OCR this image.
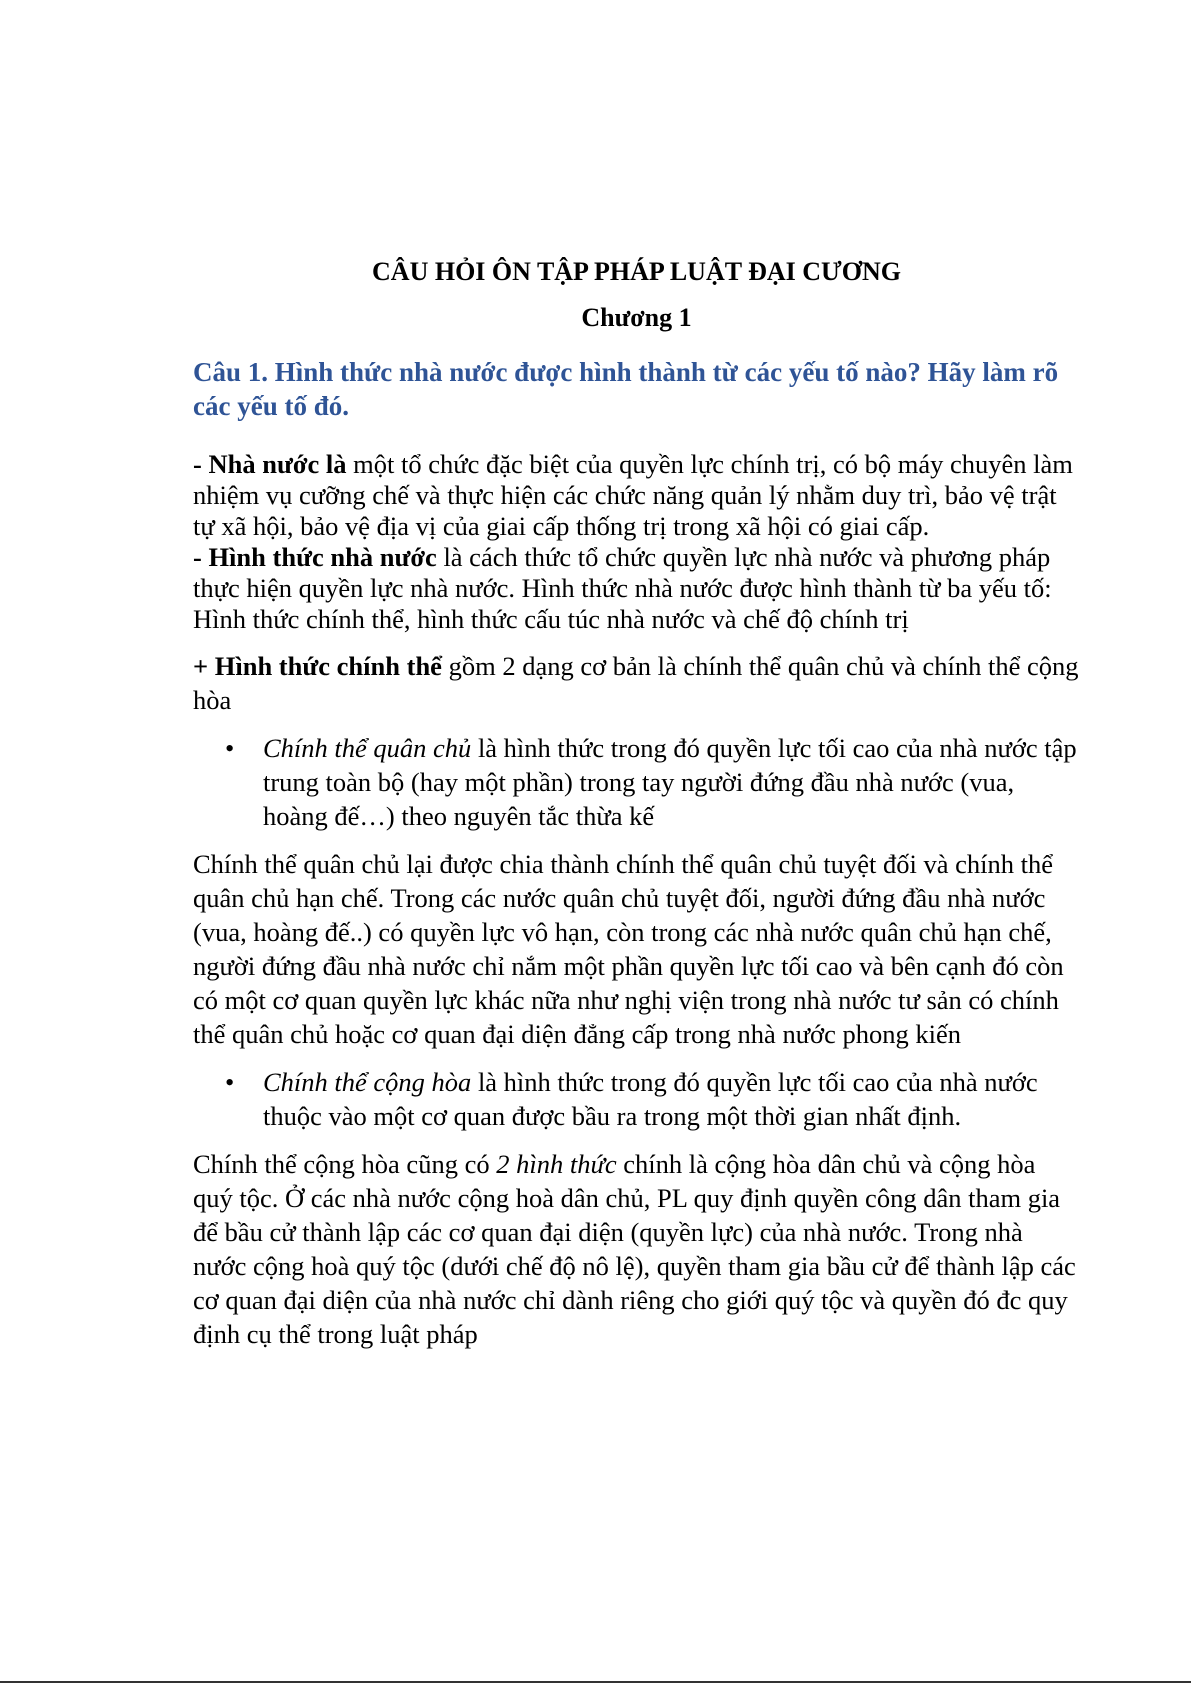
CÂU HỎI ÔN TẬP PHÁP LUẬT ĐẠI CƯƠNG
Chương 1
Câu 1. Hình thức nhà nước được hình thành từ các yếu tố nào? Hãy làm rõ các yếu tố đó.

- Nhà nước là một tổ chức đặc biệt của quyền lực chính trị, có bộ máy chuyên làm nhiệm vụ cưỡng chế và thực hiện các chức năng quản lý nhằm duy trì, bảo vệ trật tự xã hội, bảo vệ địa vị của giai cấp thống trị trong xã hội có giai cấp.

- Hình thức nhà nước là cách thức tổ chức quyền lực nhà nước và phương pháp thực hiện quyền lực nhà nước. Hình thức nhà nước được hình thành từ ba yếu tố: Hình thức chính thể, hình thức cấu túc nhà nước và chế độ chính trị

+ Hình thức chính thể gồm 2 dạng cơ bản là chính thể quân chủ và chính thể cộng hòa

• Chính thể quân chủ là hình thức trong đó quyền lực tối cao của nhà nước tập trung toàn bộ (hay một phần) trong tay người đứng đầu nhà nước (vua, hoàng đế…) theo nguyên tắc thừa kế

Chính thể quân chủ lại được chia thành chính thể quân chủ tuyệt đối và chính thể quân chủ hạn chế. Trong các nước quân chủ tuyệt đối, người đứng đầu nhà nước (vua, hoàng đế..) có quyền lực vô hạn, còn trong các nhà nước quân chủ hạn chế, người đứng đầu nhà nước chỉ nắm một phần quyền lực tối cao và bên cạnh đó còn có một cơ quan quyền lực khác nữa như nghị viện trong nhà nước tư sản có chính thể quân chủ hoặc cơ quan đại diện đẳng cấp trong nhà nước phong kiến

• Chính thể cộng hòa là hình thức trong đó quyền lực tối cao của nhà nước thuộc vào một cơ quan được bầu ra trong một thời gian nhất định.

Chính thể cộng hòa cũng có 2 hình thức chính là cộng hòa dân chủ và cộng hòa quý tộc. Ở các nhà nước cộng hoà dân chủ, PL quy định quyền công dân tham gia để bầu cử thành lập các cơ quan đại diện (quyền lực) của nhà nước. Trong nhà nước cộng hoà quý tộc (dưới chế độ nô lệ), quyền tham gia bầu cử để thành lập các cơ quan đại diện của nhà nước chỉ dành riêng cho giới quý tộc và quyền đó đc quy định cụ thể trong luật pháp
